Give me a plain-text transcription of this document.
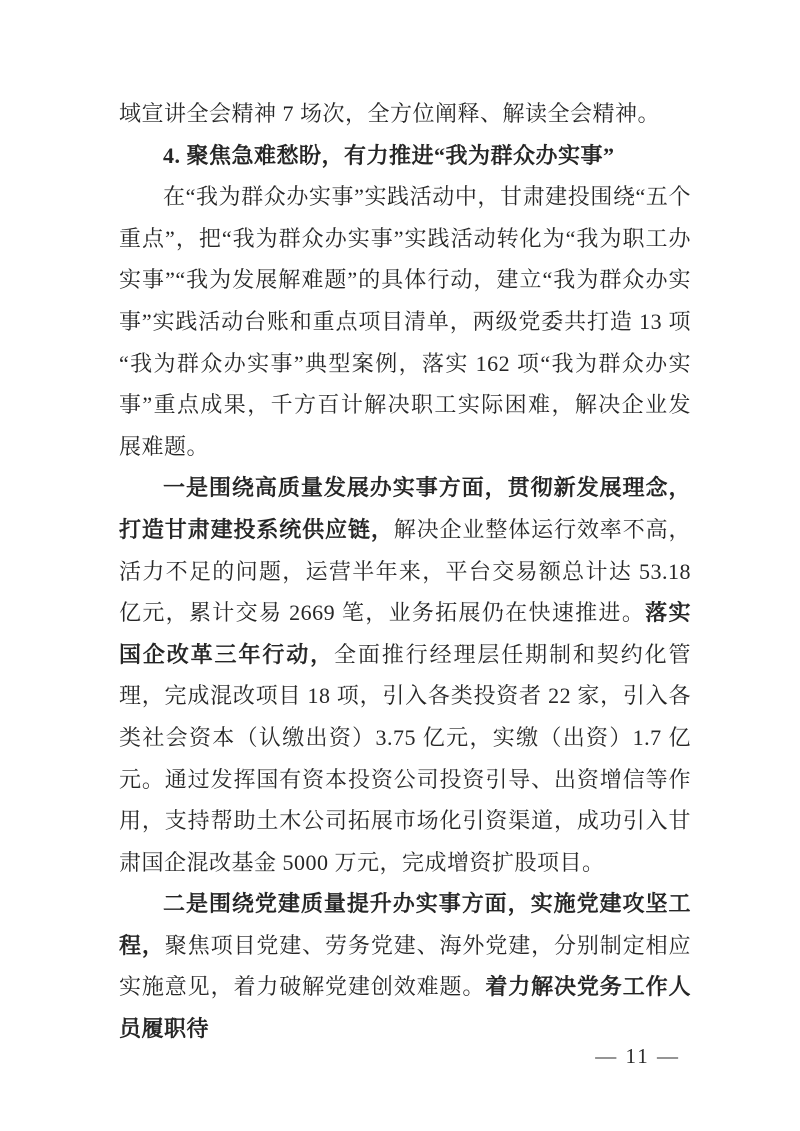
域宣讲全会精神 7 场次，全方位阐释、解读全会精神。

4. 聚焦急难愁盼，有力推进“我为群众办实事”

在“我为群众办实事”实践活动中，甘肃建投围绕“五个重点”，把“我为群众办实事”实践活动转化为“我为职工办实事”“我为发展解难题”的具体行动，建立“我为群众办实事”实践活动台账和重点项目清单，两级党委共打造 13 项“我为群众办实事”典型案例，落实 162 项“我为群众办实事”重点成果，千方百计解决职工实际困难，解决企业发展难题。

一是围绕高质量发展办实事方面，贯彻新发展理念，打造甘肃建投系统供应链，解决企业整体运行效率不高，活力不足的问题，运营半年来，平台交易额总计达 53.18 亿元，累计交易 2669 笔，业务拓展仍在快速推进。落实国企改革三年行动，全面推行经理层任期制和契约化管理，完成混改项目 18 项，引入各类投资者 22 家，引入各类社会资本（认缴出资）3.75 亿元，实缴（出资）1.7 亿元。通过发挥国有资本投资公司投资引导、出资增信等作用，支持帮助土木公司拓展市场化引资渠道，成功引入甘肃国企混改基金 5000 万元，完成增资扩股项目。

二是围绕党建质量提升办实事方面，实施党建攻坚工程，聚焦项目党建、劳务党建、海外党建，分别制定相应实施意见，着力破解党建创效难题。着力解决党务工作人员履职待

— 11 —
